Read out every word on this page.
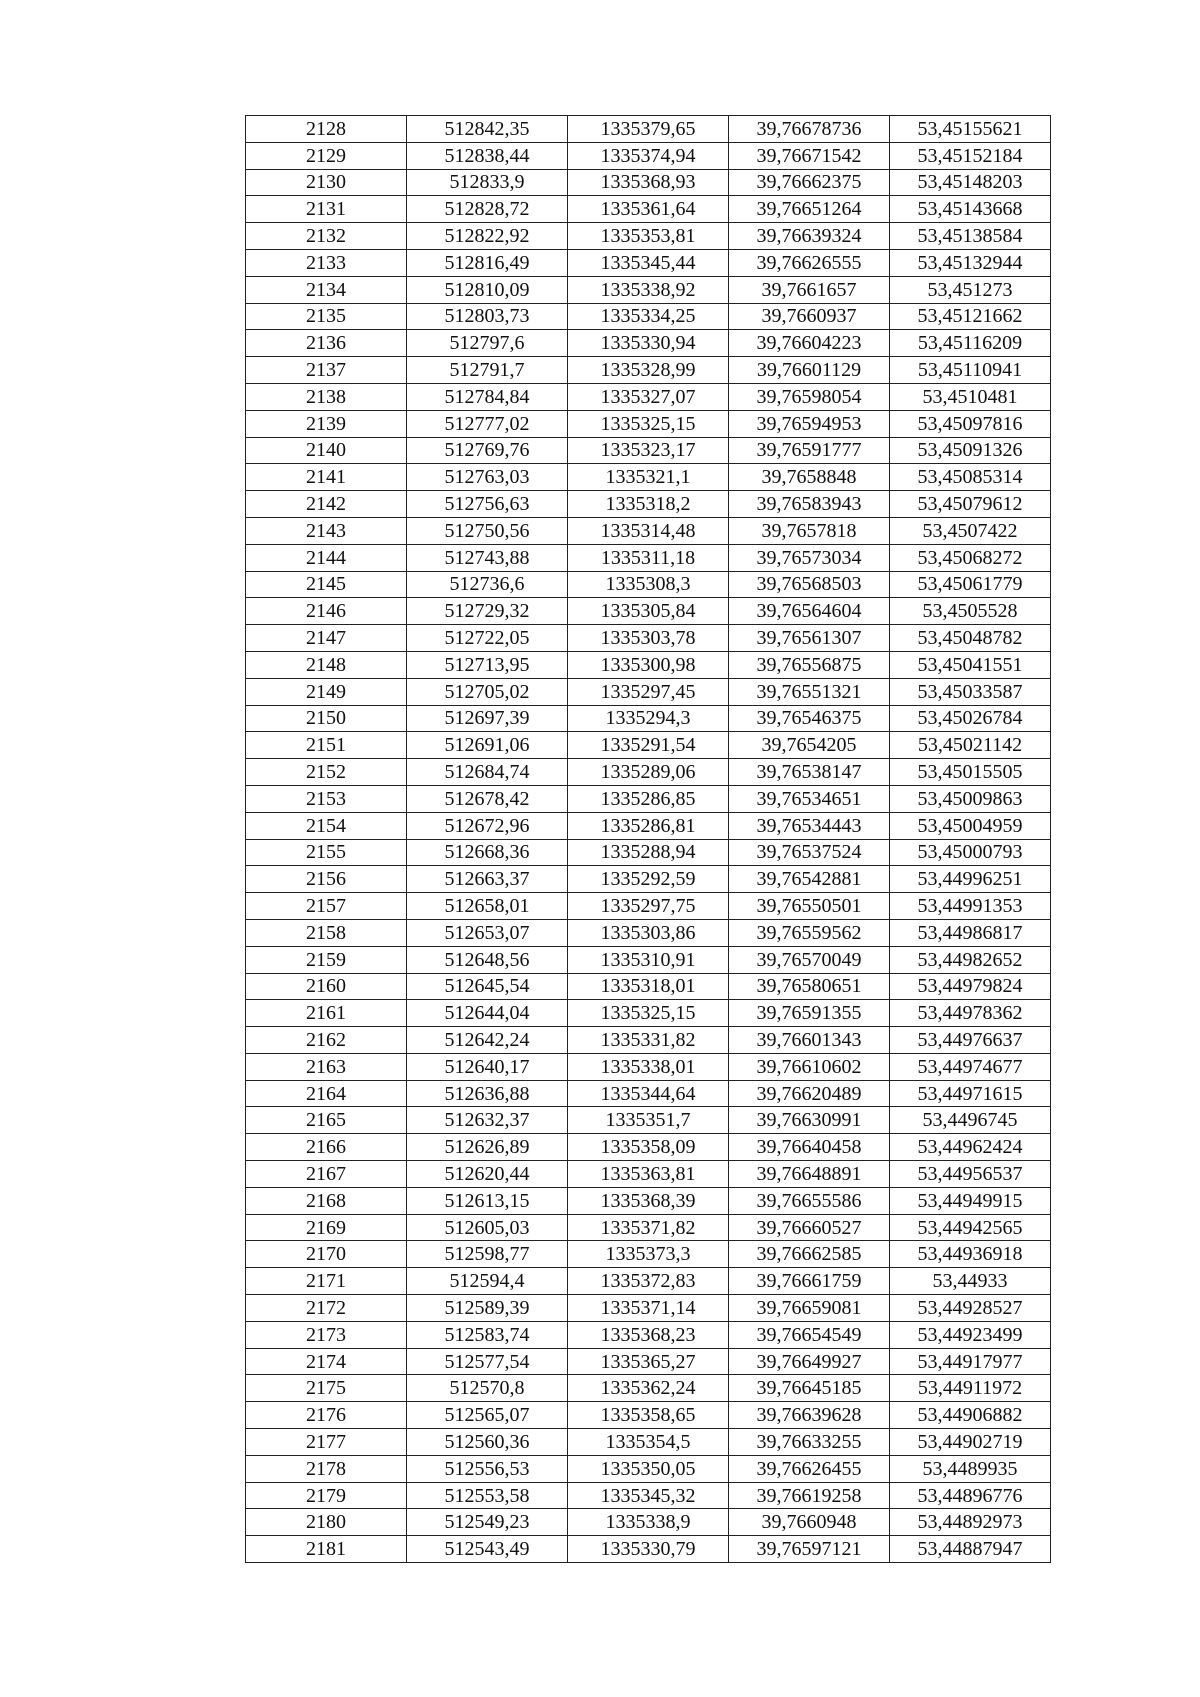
2128	512842,35	1335379,65	39,76678736	53,45155621
2129	512838,44	1335374,94	39,76671542	53,45152184
2130	512833,9	1335368,93	39,76662375	53,45148203
2131	512828,72	1335361,64	39,76651264	53,45143668
2132	512822,92	1335353,81	39,76639324	53,45138584
2133	512816,49	1335345,44	39,76626555	53,45132944
2134	512810,09	1335338,92	39,7661657	53,451273
2135	512803,73	1335334,25	39,7660937	53,45121662
2136	512797,6	1335330,94	39,76604223	53,45116209
2137	512791,7	1335328,99	39,76601129	53,45110941
2138	512784,84	1335327,07	39,76598054	53,4510481
2139	512777,02	1335325,15	39,76594953	53,45097816
2140	512769,76	1335323,17	39,76591777	53,45091326
2141	512763,03	1335321,1	39,7658848	53,45085314
2142	512756,63	1335318,2	39,76583943	53,45079612
2143	512750,56	1335314,48	39,7657818	53,4507422
2144	512743,88	1335311,18	39,76573034	53,45068272
2145	512736,6	1335308,3	39,76568503	53,45061779
2146	512729,32	1335305,84	39,76564604	53,4505528
2147	512722,05	1335303,78	39,76561307	53,45048782
2148	512713,95	1335300,98	39,76556875	53,45041551
2149	512705,02	1335297,45	39,76551321	53,45033587
2150	512697,39	1335294,3	39,76546375	53,45026784
2151	512691,06	1335291,54	39,7654205	53,45021142
2152	512684,74	1335289,06	39,76538147	53,45015505
2153	512678,42	1335286,85	39,76534651	53,45009863
2154	512672,96	1335286,81	39,76534443	53,45004959
2155	512668,36	1335288,94	39,76537524	53,45000793
2156	512663,37	1335292,59	39,76542881	53,44996251
2157	512658,01	1335297,75	39,76550501	53,44991353
2158	512653,07	1335303,86	39,76559562	53,44986817
2159	512648,56	1335310,91	39,76570049	53,44982652
2160	512645,54	1335318,01	39,76580651	53,44979824
2161	512644,04	1335325,15	39,76591355	53,44978362
2162	512642,24	1335331,82	39,76601343	53,44976637
2163	512640,17	1335338,01	39,76610602	53,44974677
2164	512636,88	1335344,64	39,76620489	53,44971615
2165	512632,37	1335351,7	39,76630991	53,4496745
2166	512626,89	1335358,09	39,76640458	53,44962424
2167	512620,44	1335363,81	39,76648891	53,44956537
2168	512613,15	1335368,39	39,76655586	53,44949915
2169	512605,03	1335371,82	39,76660527	53,44942565
2170	512598,77	1335373,3	39,76662585	53,44936918
2171	512594,4	1335372,83	39,76661759	53,44933
2172	512589,39	1335371,14	39,76659081	53,44928527
2173	512583,74	1335368,23	39,76654549	53,44923499
2174	512577,54	1335365,27	39,76649927	53,44917977
2175	512570,8	1335362,24	39,76645185	53,44911972
2176	512565,07	1335358,65	39,76639628	53,44906882
2177	512560,36	1335354,5	39,76633255	53,44902719
2178	512556,53	1335350,05	39,76626455	53,4489935
2179	512553,58	1335345,32	39,76619258	53,44896776
2180	512549,23	1335338,9	39,7660948	53,44892973
2181	512543,49	1335330,79	39,76597121	53,44887947
